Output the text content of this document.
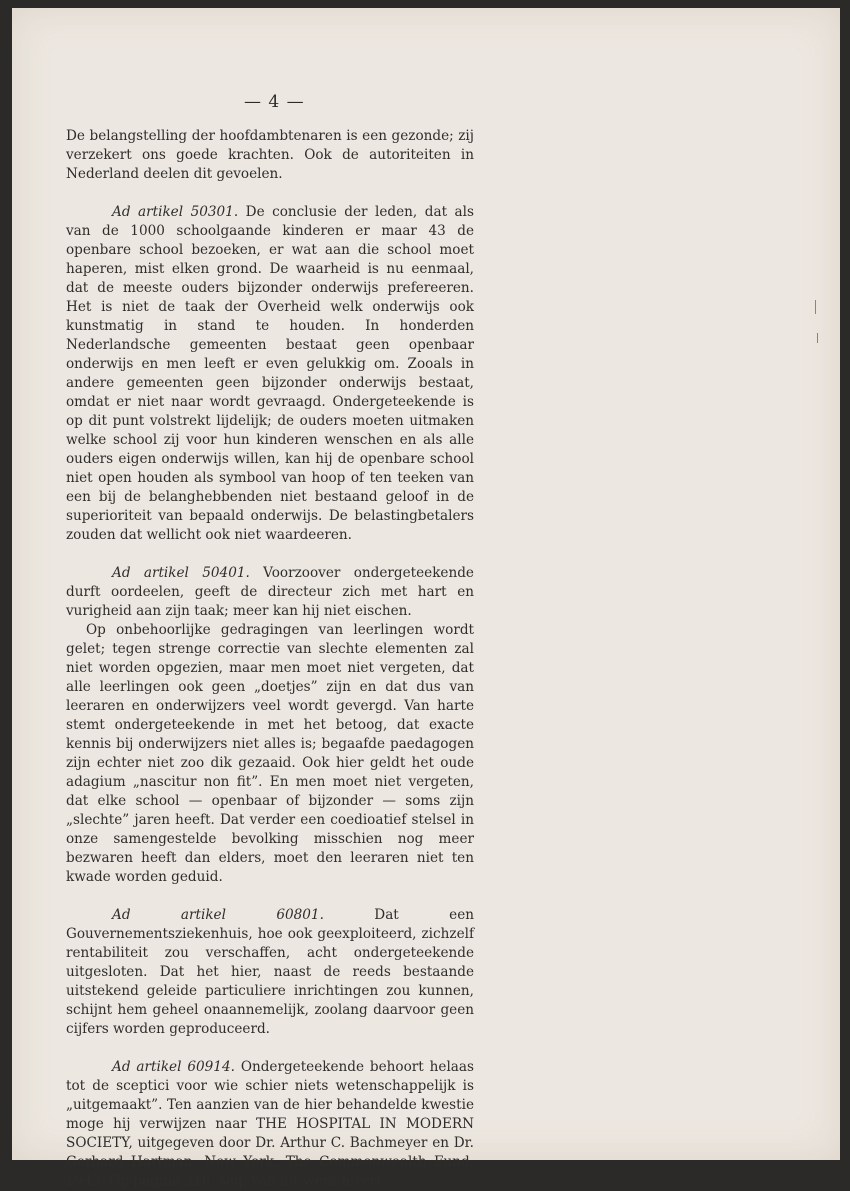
— 4 —

De belangstelling der hoofdambtenaren is een gezonde; zij verzekert ons goede krachten. Ook de autoriteiten in Nederland deelen dit gevoelen.

Ad artikel 50301. De conclusie der leden, dat als van de 1000 schoolgaande kinderen er maar 43 de openbare school bezoeken, er wat aan die school moet haperen, mist elken grond. De waarheid is nu eenmaal, dat de meeste ouders bijzonder onderwijs prefereeren. Het is niet de taak der Overheid welk onderwijs ook kunstmatig in stand te houden. In honderden Nederlandsche gemeenten bestaat geen openbaar onderwijs en men leeft er even gelukkig om. Zooals in andere gemeenten geen bijzonder onderwijs bestaat, omdat er niet naar wordt gevraagd. Ondergeteekende is op dit punt volstrekt lijdelijk; de ouders moeten uitmaken welke school zij voor hun kinderen wenschen en als alle ouders eigen onderwijs willen, kan hij de openbare school niet open houden als symbool van hoop of ten teeken van een bij de belanghebbenden niet bestaand geloof in de superioriteit van bepaald onderwijs. De belastingbetalers zouden dat wellicht ook niet waardeeren.

Ad artikel 50401. Voorzoover ondergeteekende durft oordeelen, geeft de directeur zich met hart en vurigheid aan zijn taak; meer kan hij niet eischen.

Op onbehoorlijke gedragingen van leerlingen wordt gelet; tegen strenge correctie van slechte elementen zal niet worden opgezien, maar men moet niet vergeten, dat alle leerlingen ook geen „doetjes” zijn en dat dus van leeraren en onderwijzers veel wordt gevergd. Van harte stemt ondergeteekende in met het betoog, dat exacte kennis bij onderwijzers niet alles is; begaafde paedagogen zijn echter niet zoo dik gezaaid. Ook hier geldt het oude adagium „nascitur non fit”. En men moet niet vergeten, dat elke school — openbaar of bijzonder — soms zijn „slechte” jaren heeft. Dat verder een coedioatief stelsel in onze samengestelde bevolking misschien nog meer bezwaren heeft dan elders, moet den leeraren niet ten kwade worden geduid.

Ad artikel 60801. Dat een Gouvernementsziekenhuis, hoe ook geexploiteerd, zichzelf rentabiliteit zou verschaffen, acht ondergeteekende uitgesloten. Dat het hier, naast de reeds bestaande uitstekend geleide particuliere inrichtingen zou kunnen, schijnt hem geheel onaannemelijk, zoolang daarvoor geen cijfers worden geproduceerd.

Ad artikel 60914. Ondergeteekende behoort helaas tot de sceptici voor wie schier niets wetenschappelijk is „uitgemaakt”. Ten aanzien van de hier behandelde kwestie moge hij verwijzen naar THE HOSPITAL IN MODERN SOCIETY, uitgegeven door Dr. Arthur C. Bachmeyer en Dr. Gerhard Hartman, New York, The Commonwealth Fund, 1943. Op pagina 316, seq. van dit werk levert
